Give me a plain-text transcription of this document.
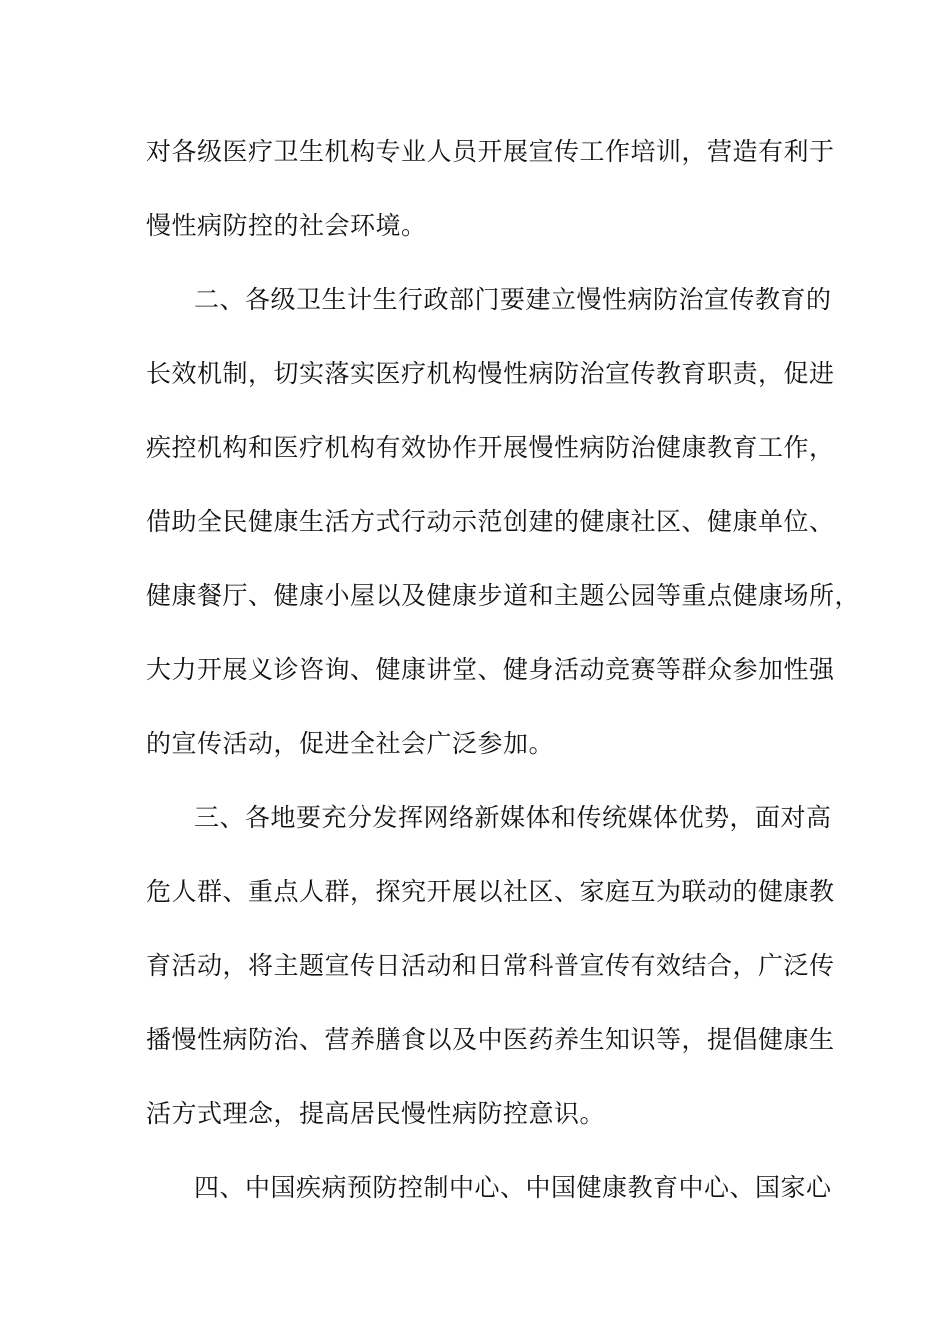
对各级医疗卫生机构专业人员开展宣传工作培训，营造有利于
慢性病防控的社会环境。
二、各级卫生计生行政部门要建立慢性病防治宣传教育的
长效机制，切实落实医疗机构慢性病防治宣传教育职责，促进
疾控机构和医疗机构有效协作开展慢性病防治健康教育工作，
借助全民健康生活方式行动示范创建的健康社区、健康单位、
健康餐厅、健康小屋以及健康步道和主题公园等重点健康场所，
大力开展义诊咨询、健康讲堂、健身活动竞赛等群众参加性强
的宣传活动，促进全社会广泛参加。
三、各地要充分发挥网络新媒体和传统媒体优势，面对高
危人群、重点人群，探究开展以社区、家庭互为联动的健康教
育活动，将主题宣传日活动和日常科普宣传有效结合，广泛传
播慢性病防治、营养膳食以及中医药养生知识等，提倡健康生
活方式理念，提高居民慢性病防控意识。
四、中国疾病预防控制中心、中国健康教育中心、国家心
